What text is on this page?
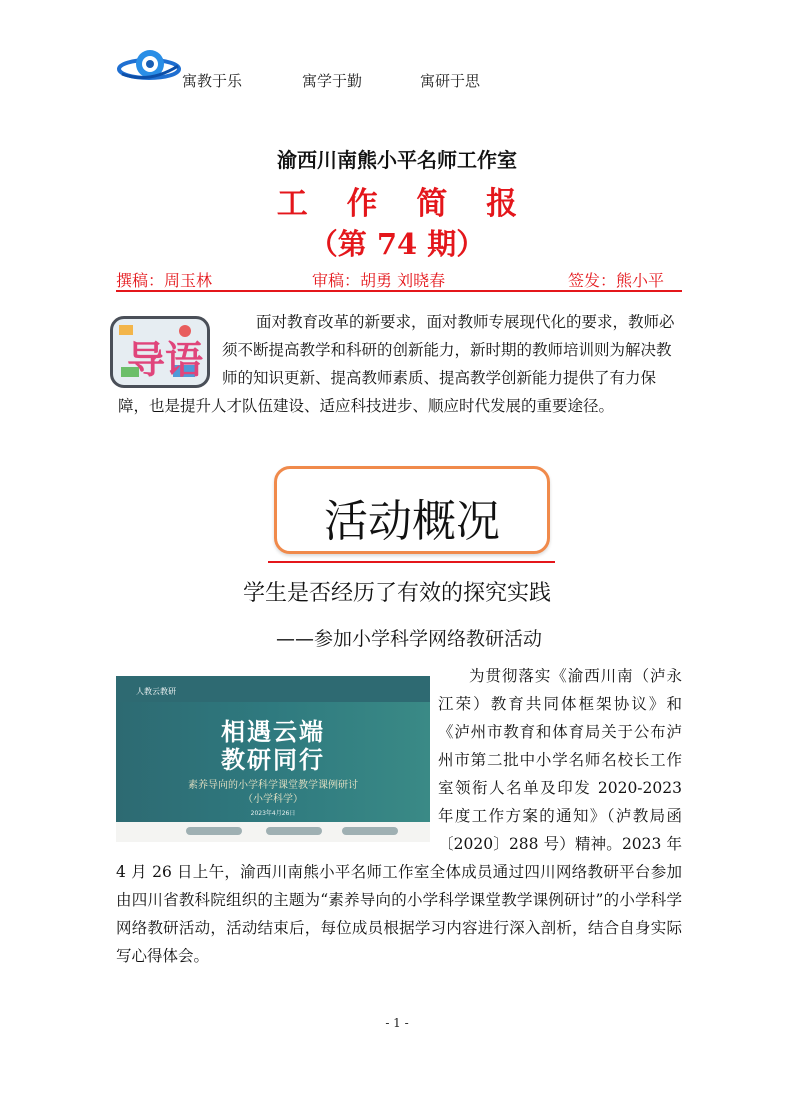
寓教于乐	寓学于勤	寓研于思
渝西川南熊小平名师工作室
工 作 简 报
（第 74 期）
撰稿：周玉林	审稿：胡勇 刘晓春	签发：熊小平

面对教育改革的新要求，面对教师专展现代化的要求，教师必须不断提高教学和科研的创新能力，新时期的教师培训则为解决教师的知识更新、提高教师素质、提高教学创新能力提供了有力保障，也是提升人才队伍建设、适应科技进步、顺应时代发展的重要途径。

导语
活动概况
学生是否经历了有效的探究实践
——参加小学科学网络教研活动

为贯彻落实《渝西川南（泸永江荣）教育共同体框架协议》和《泸州市教育和体育局关于公布泸州市第二批中小学名师名校长工作室领衔人名单及印发 2020-2023 年度工作方案的通知》（泸教局函〔2020〕288 号）精神。2023 年 4 月 26 日上午，渝西川南熊小平名师工作室全体成员通过四川网络教研平台参加由四川省教科院组织的主题为“素养导向的小学科学课堂教学课例研讨”的小学科学网络教研活动，活动结束后，每位成员根据学习内容进行深入剖析，结合自身实际写心得体会。

人教云教研
相遇云端
教研同行
素养导向的小学科学课堂教学课例研讨
（小学科学）
2023年4月26日
- 1 -
